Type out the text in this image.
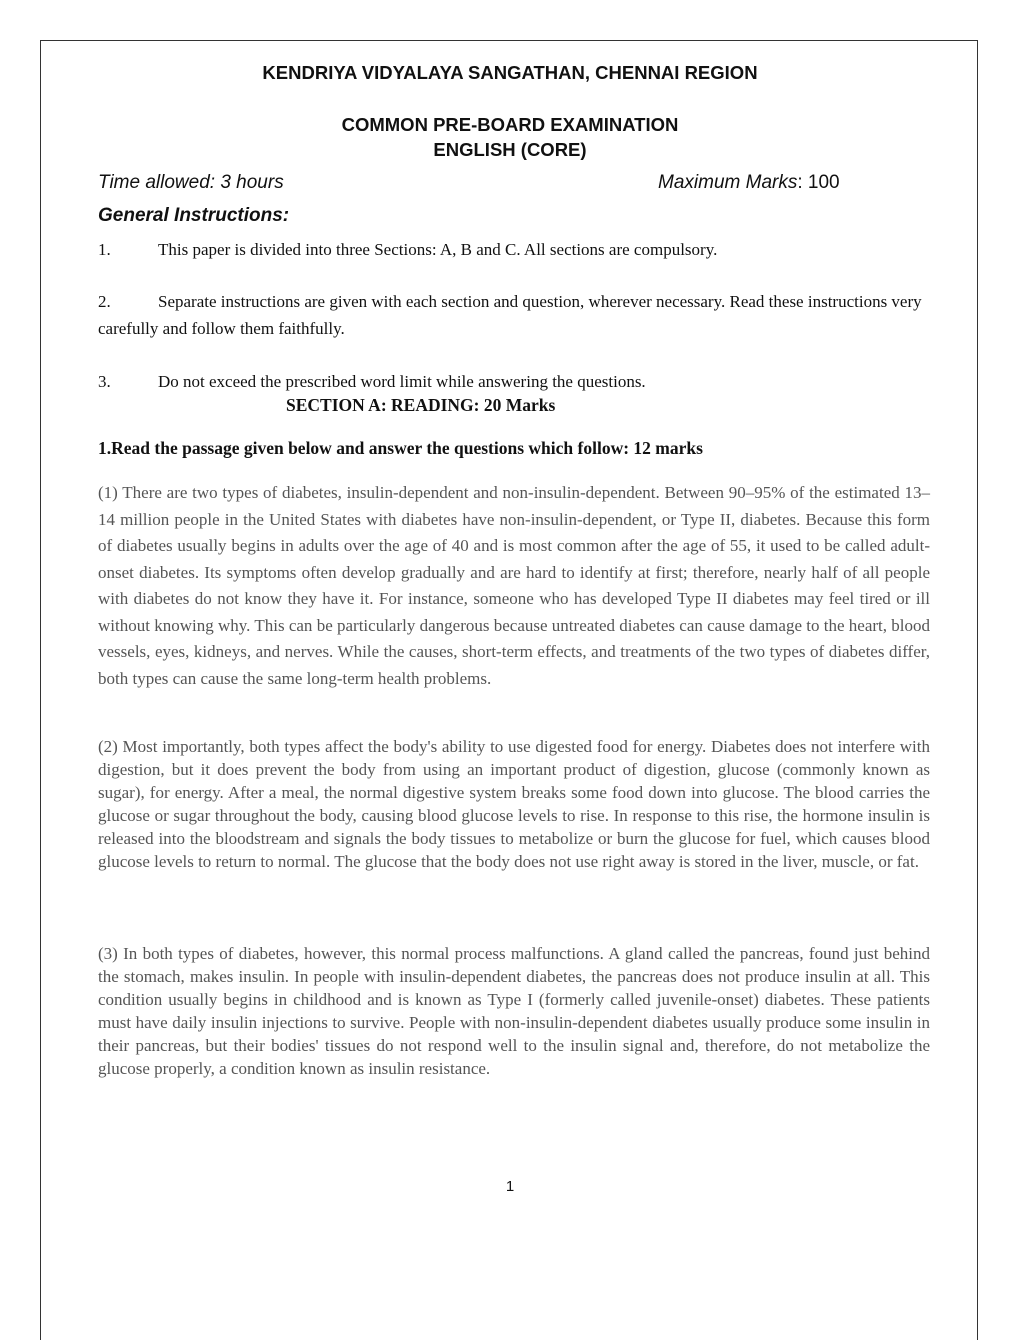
KENDRIYA VIDYALAYA SANGATHAN, CHENNAI REGION
COMMON PRE-BOARD EXAMINATION
ENGLISH (CORE)
Time allowed: 3 hours	Maximum Marks: 100
General Instructions:
1.	This paper is divided into three Sections: A, B and C. All sections are compulsory.
2.	Separate instructions are given with each section and question, wherever necessary. Read these instructions very carefully and follow them faithfully.
3.	Do not exceed the prescribed word limit while answering the questions.
SECTION A: READING: 20 Marks
1.Read the passage given below and answer the questions which follow: 12 marks
(1) There are two types of diabetes, insulin-dependent and non-insulin-dependent. Between 90–95% of the estimated 13–14 million people in the United States with diabetes have non-insulin-dependent, or Type II, diabetes. Because this form of diabetes usually begins in adults over the age of 40 and is most common after the age of 55, it used to be called adult-onset diabetes. Its symptoms often develop gradually and are hard to identify at first; therefore, nearly half of all people with diabetes do not know they have it. For instance, someone who has developed Type II diabetes may feel tired or ill without knowing why. This can be particularly dangerous because untreated diabetes can cause damage to the heart, blood vessels, eyes, kidneys, and nerves. While the causes, short-term effects, and treatments of the two types of diabetes differ, both types can cause the same long-term health problems.
(2) Most importantly, both types affect the body's ability to use digested food for energy. Diabetes does not interfere with digestion, but it does prevent the body from using an important product of digestion, glucose (commonly known as sugar), for energy. After a meal, the normal digestive system breaks some food down into glucose. The blood carries the glucose or sugar throughout the body, causing blood glucose levels to rise. In response to this rise, the hormone insulin is released into the bloodstream and signals the body tissues to metabolize or burn the glucose for fuel, which causes blood glucose levels to return to normal. The glucose that the body does not use right away is stored in the liver, muscle, or fat.
(3) In both types of diabetes, however, this normal process malfunctions. A gland called the pancreas, found just behind the stomach, makes insulin. In people with insulin-dependent diabetes, the pancreas does not produce insulin at all. This condition usually begins in childhood and is known as Type I (formerly called juvenile-onset) diabetes. These patients must have daily insulin injections to survive. People with non-insulin-dependent diabetes usually produce some insulin in their pancreas, but their bodies' tissues do not respond well to the insulin signal and, therefore, do not metabolize the glucose properly, a condition known as insulin resistance.
1
